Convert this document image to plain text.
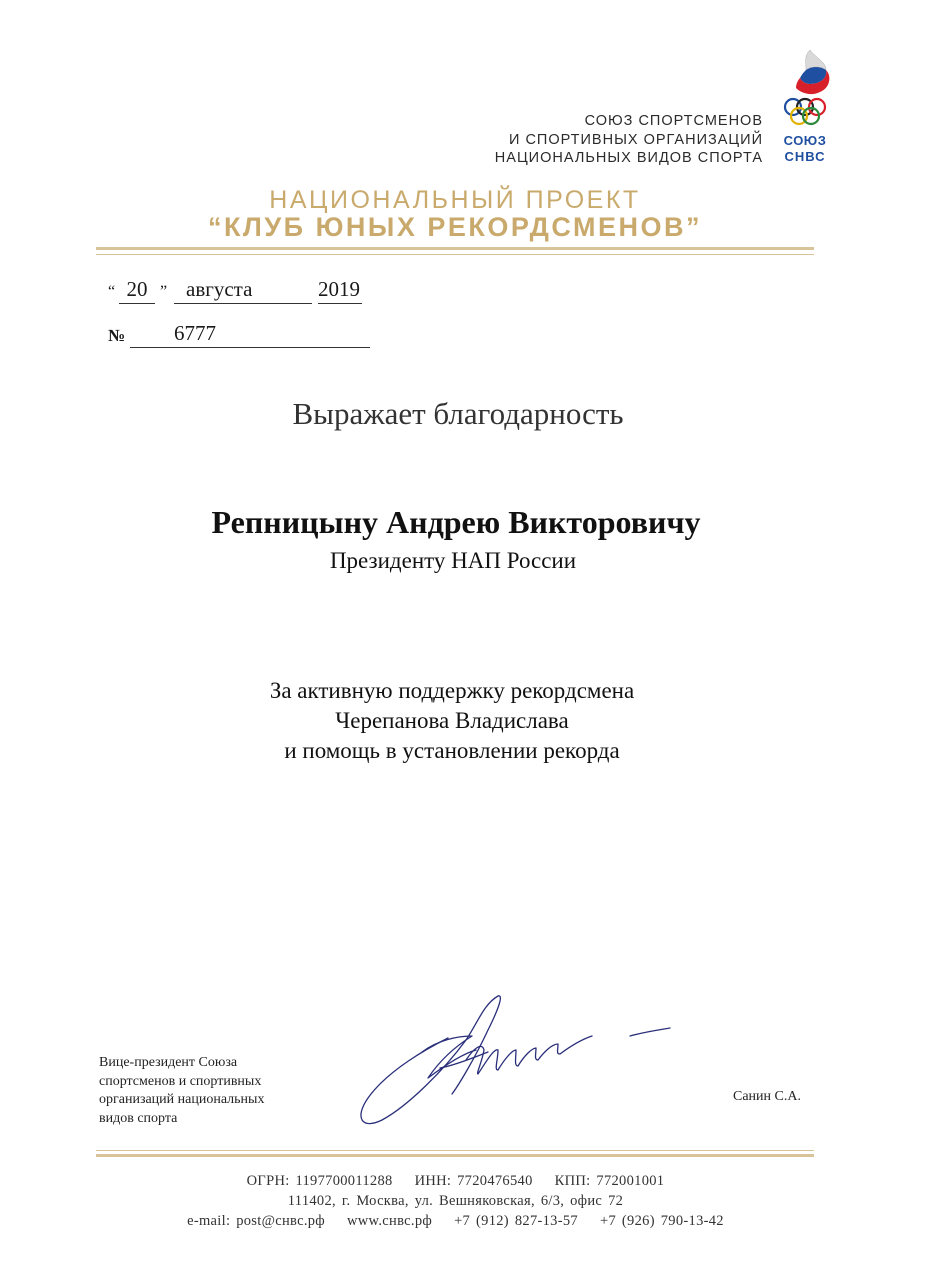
СОЮЗ СПОРТСМЕНОВ
И СПОРТИВНЫХ ОРГАНИЗАЦИЙ
НАЦИОНАЛЬНЫХ ВИДОВ СПОРТА
СОЮЗ
СНВС
НАЦИОНАЛЬНЫЙ ПРОЕКТ
“КЛУБ ЮНЫХ РЕКОРДСМЕНОВ”
“ 20 ” августа	2019
№	6777
Выражает благодарность
Репницыну Андрею Викторовичу
Президенту НАП России
За активную поддержку рекордсмена
Черепанова Владислава
и помощь в установлении рекорда
Вице-президент Союза
спортсменов и спортивных
организаций национальных
видов спорта
Санин С.А.
ОГРН: 1197700011288 ИНН: 7720476540 КПП: 772001001
111402, г. Москва, ул. Вешняковская, 6/3, офис 72
e-mail: post@снвс.рф www.снвс.рф +7 (912) 827-13-57 +7 (926) 790-13-42
